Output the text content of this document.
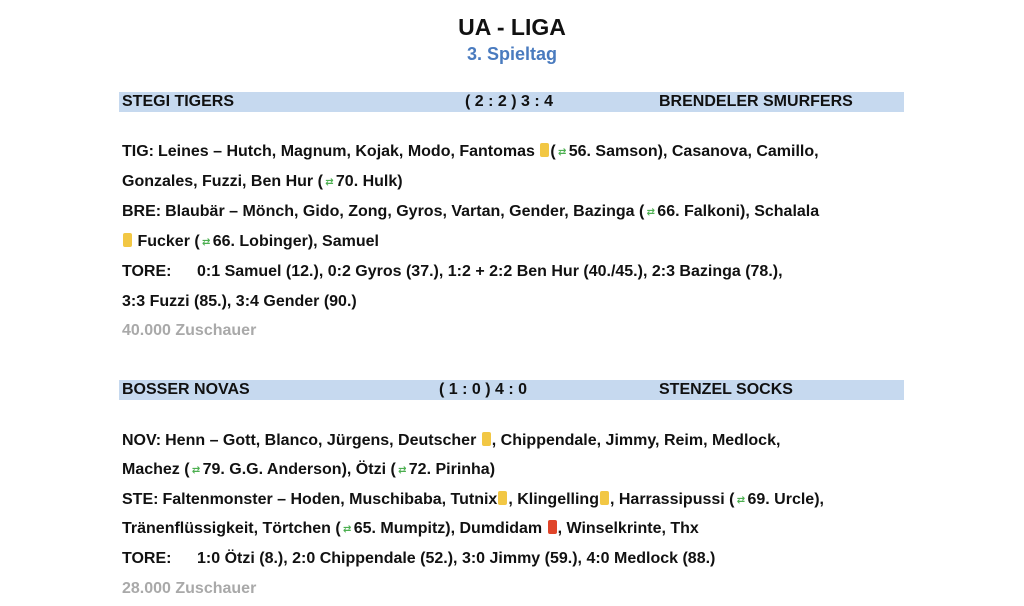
UA - LIGA
3. Spieltag
STEGI TIGERS	( 2 : 2 ) 3 : 4	BRENDELER SMURFERS
TIG: Leines – Hutch, Magnum, Kojak, Modo, Fantomas ( ⇄ 56. Samson), Casanova, Camillo,
Gonzales, Fuzzi, Ben Hur ( ⇄ 70. Hulk)
BRE: Blaubär – Mönch, Gido, Zong, Gyros, Vartan, Gender, Bazinga ( ⇄ 66. Falkoni), Schalala
Fucker ( ⇄ 66. Lobinger), Samuel
TORE: 0:1 Samuel (12.), 0:2 Gyros (37.), 1:2 + 2:2 Ben Hur (40./45.), 2:3 Bazinga (78.),
3:3 Fuzzi (85.), 3:4 Gender (90.)
40.000 Zuschauer
BOSSER NOVAS	( 1 : 0 ) 4 : 0	STENZEL SOCKS
NOV: Henn – Gott, Blanco, Jürgens, Deutscher , Chippendale, Jimmy, Reim, Medlock,
Machez ( ⇄ 79. G.G. Anderson), Ötzi ( ⇄ 72. Pirinha)
STE: Faltenmonster – Hoden, Muschibaba, Tutnix , Klingelling , Harrassipussi ( ⇄ 69. Urcle),
Tränenflüssigkeit, Törtchen ( ⇄ 65. Mumpitz), Dumdidam , Winselkrinte, Thx
TORE: 1:0 Ötzi (8.), 2:0 Chippendale (52.), 3:0 Jimmy (59.), 4:0 Medlock (88.)
28.000 Zuschauer
